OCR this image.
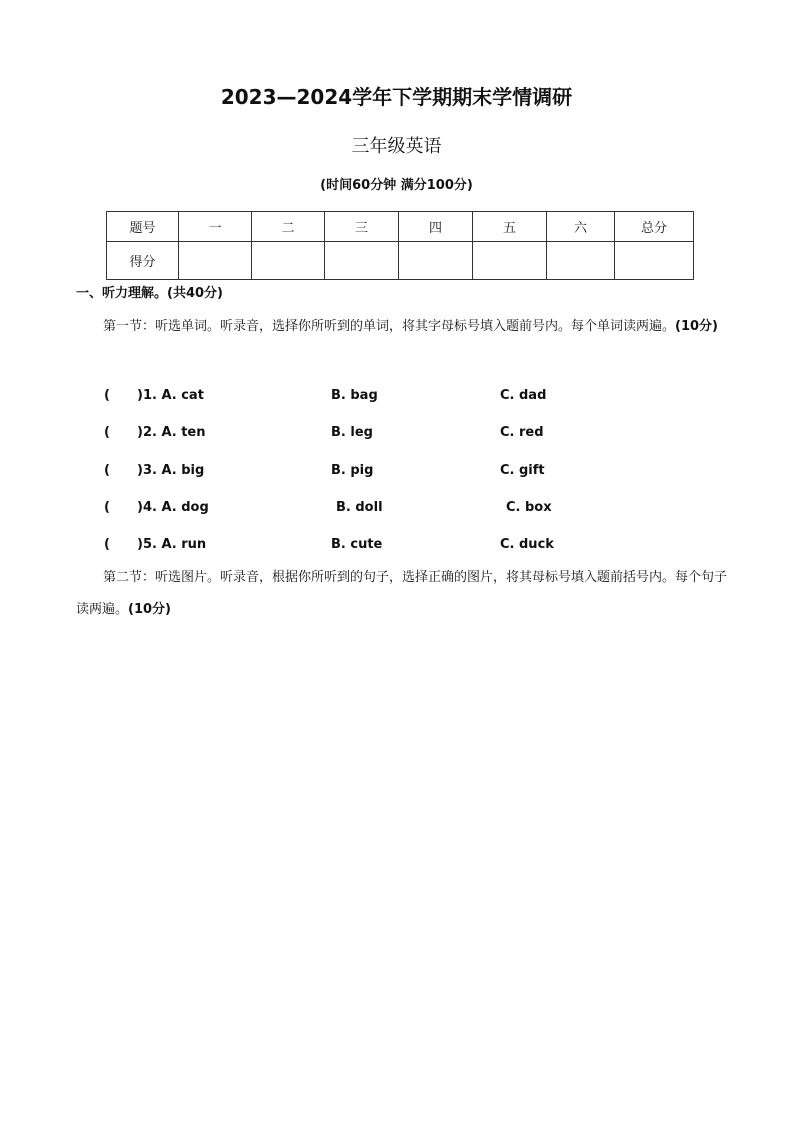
2023—2024学年下学期期末学情调研
三年级英语
(时间60分钟 满分100分)
题号	一	二	三	四	五	六	总分
得分							
一、听力理解。(共40分)
第一节：听选单词。听录音，选择你所听到的单词，将其字母标号填入题前号内。每个单词读两遍。(10分)
( )1. A. cat	B. bag	C. dad
( )2. A. ten	B. leg	C. red
( )3. A. big	B. pig	C. gift
( )4. A. dog	B. doll	C. box
( )5. A. run	B. cute	C. duck
第二节：听选图片。听录音，根据你所听到的句子，选择正确的图片，将其母标号填入题前括号内。每个句子读两遍。(10分)
